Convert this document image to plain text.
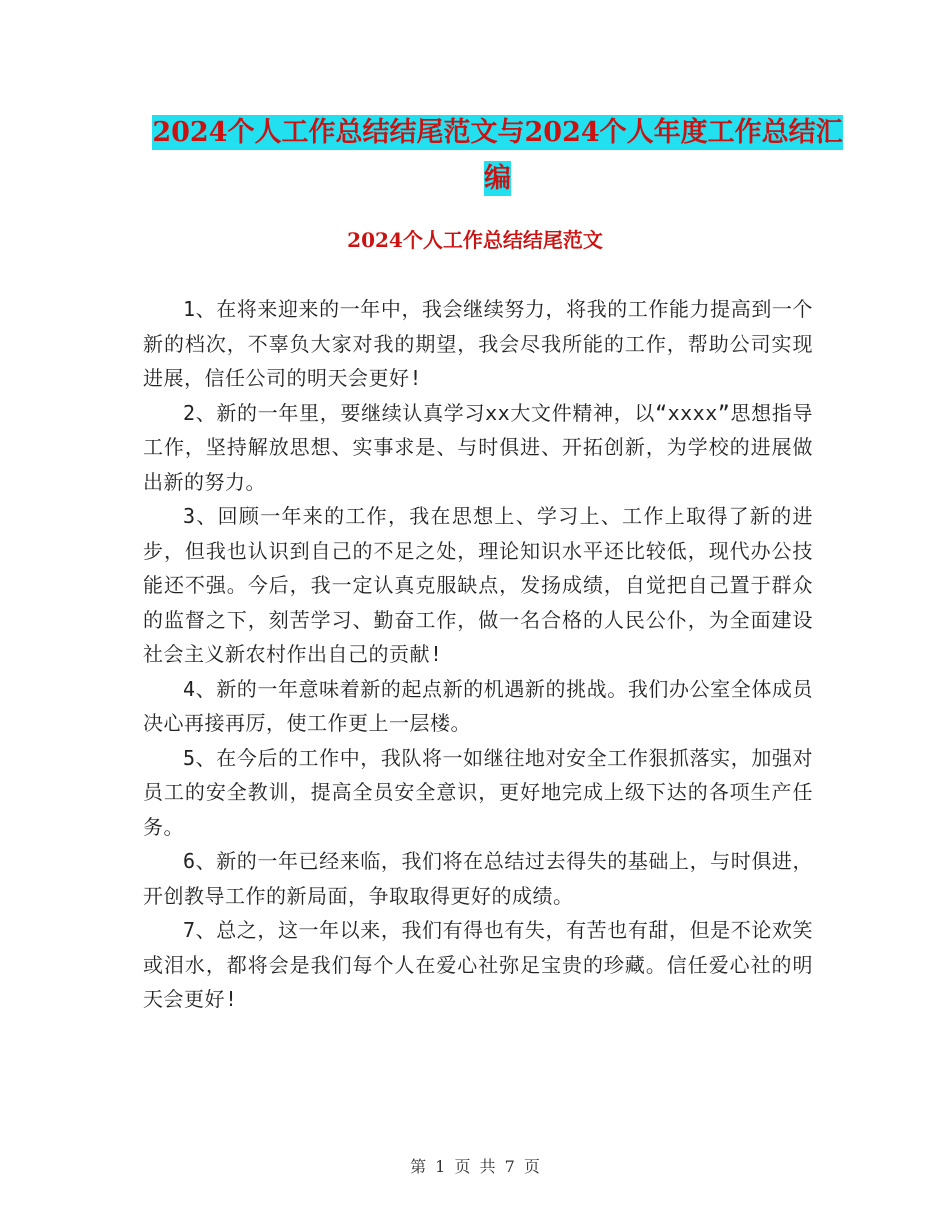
2024个人工作总结结尾范文与2024个人年度工作总结汇编
2024个人工作总结结尾范文

1、在将来迎来的一年中，我会继续努力，将我的工作能力提高到一个新的档次，不辜负大家对我的期望，我会尽我所能的工作，帮助公司实现进展，信任公司的明天会更好!

2、新的一年里，要继续认真学习xx大文件精神，以“xxxx”思想指导工作，坚持解放思想、实事求是、与时俱进、开拓创新，为学校的进展做出新的努力。

3、回顾一年来的工作，我在思想上、学习上、工作上取得了新的进步，但我也认识到自己的不足之处，理论知识水平还比较低，现代办公技能还不强。今后，我一定认真克服缺点，发扬成绩，自觉把自己置于群众的监督之下，刻苦学习、勤奋工作，做一名合格的人民公仆，为全面建设社会主义新农村作出自己的贡献!

4、新的一年意味着新的起点新的机遇新的挑战。我们办公室全体成员决心再接再厉，使工作更上一层楼。

5、在今后的工作中，我队将一如继往地对安全工作狠抓落实，加强对员工的安全教训，提高全员安全意识，更好地完成上级下达的各项生产任务。

6、新的一年已经来临，我们将在总结过去得失的基础上，与时俱进，开创教导工作的新局面，争取取得更好的成绩。

7、总之，这一年以来，我们有得也有失，有苦也有甜，但是不论欢笑或泪水，都将会是我们每个人在爱心社弥足宝贵的珍藏。信任爱心社的明天会更好!

第 1 页 共 7 页
